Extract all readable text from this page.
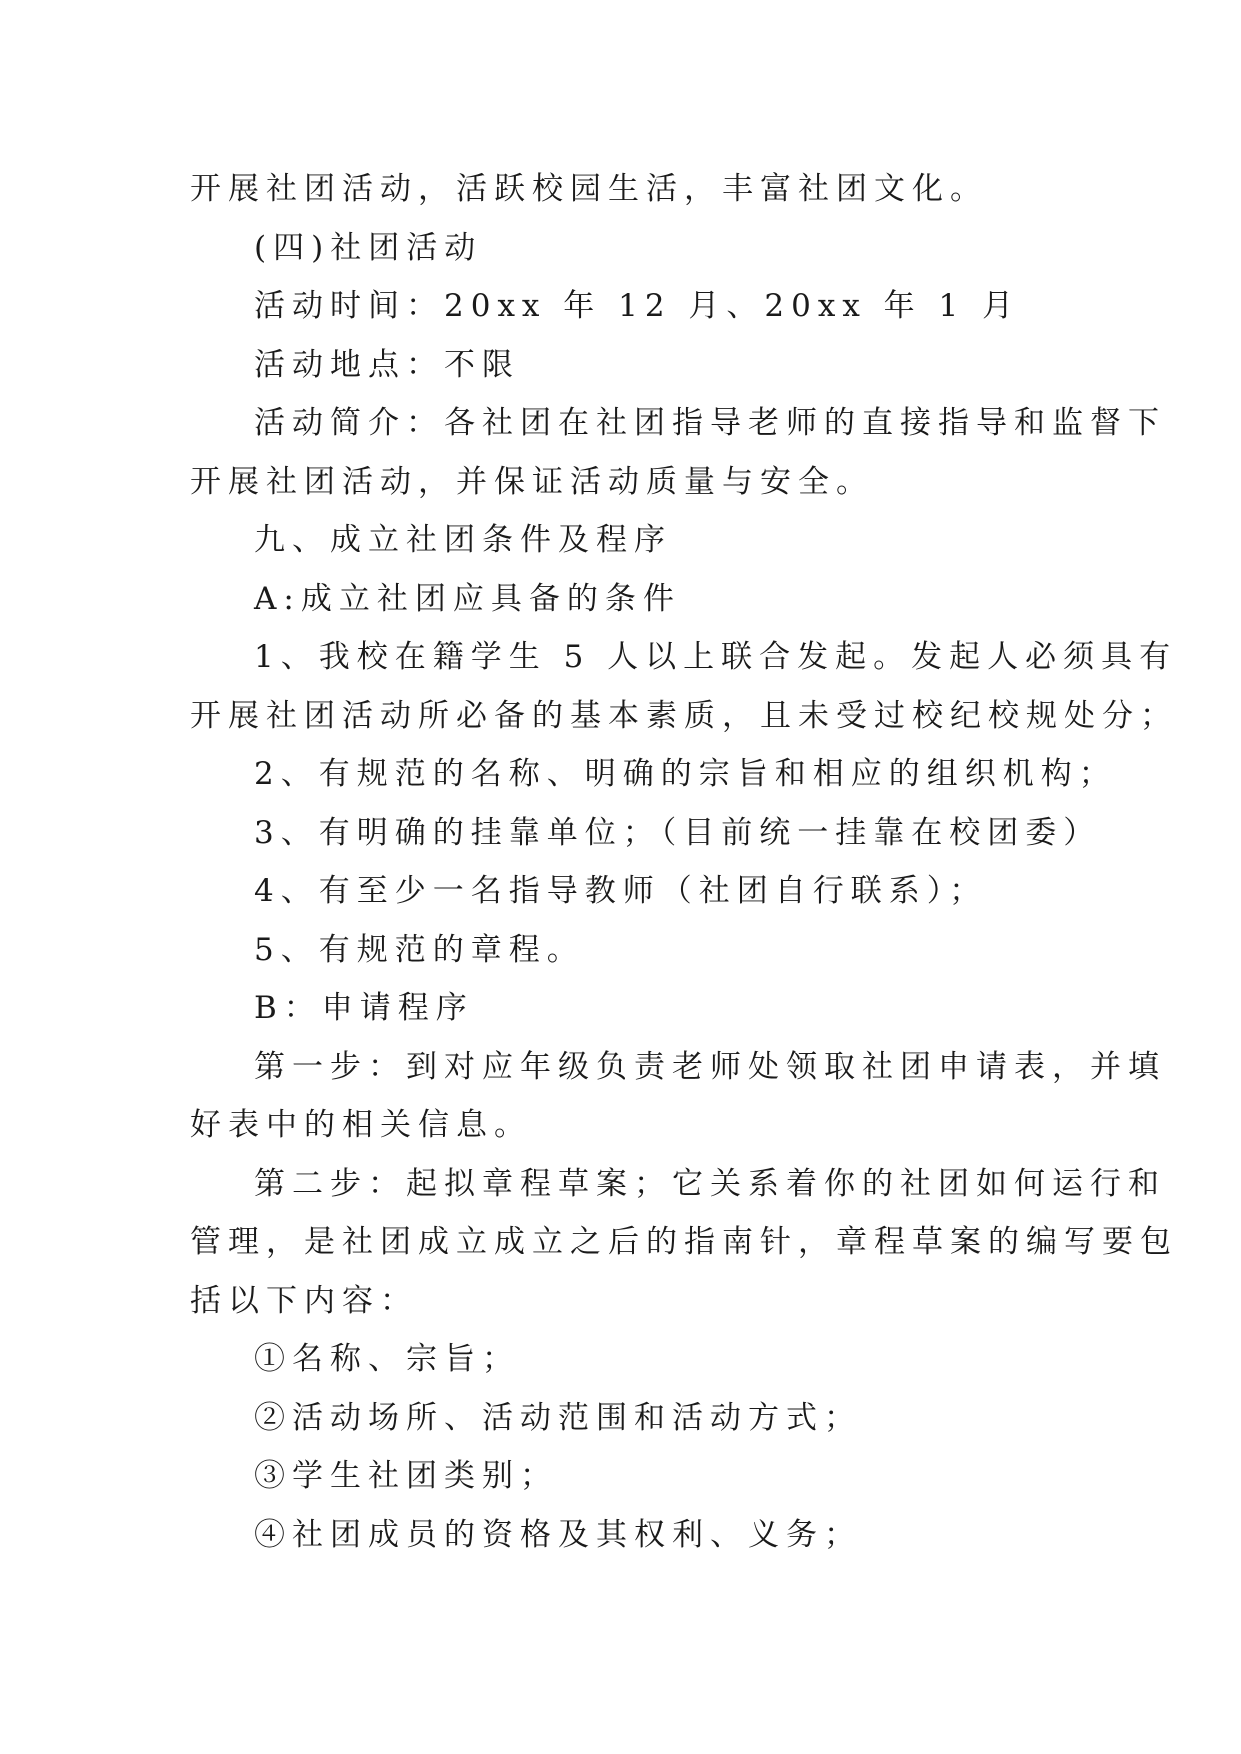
开展社团活动，活跃校园生活，丰富社团文化。
(四)社团活动
活动时间：20xx 年 12 月、20xx 年 1 月
活动地点：不限
活动简介：各社团在社团指导老师的直接指导和监督下
开展社团活动，并保证活动质量与安全。
九、成立社团条件及程序
A:成立社团应具备的条件
1、我校在籍学生 5 人以上联合发起。发起人必须具有
开展社团活动所必备的基本素质，且未受过校纪校规处分；
2、有规范的名称、明确的宗旨和相应的组织机构；
3、有明确的挂靠单位；（目前统一挂靠在校团委）
4、有至少一名指导教师（社团自行联系）；
5、有规范的章程。
B：申请程序
第一步：到对应年级负责老师处领取社团申请表，并填
好表中的相关信息。
第二步：起拟章程草案；它关系着你的社团如何运行和
管理，是社团成立成立之后的指南针，章程草案的编写要包
括以下内容：
①名称、宗旨；
②活动场所、活动范围和活动方式；
③学生社团类别；
④社团成员的资格及其权利、义务；
